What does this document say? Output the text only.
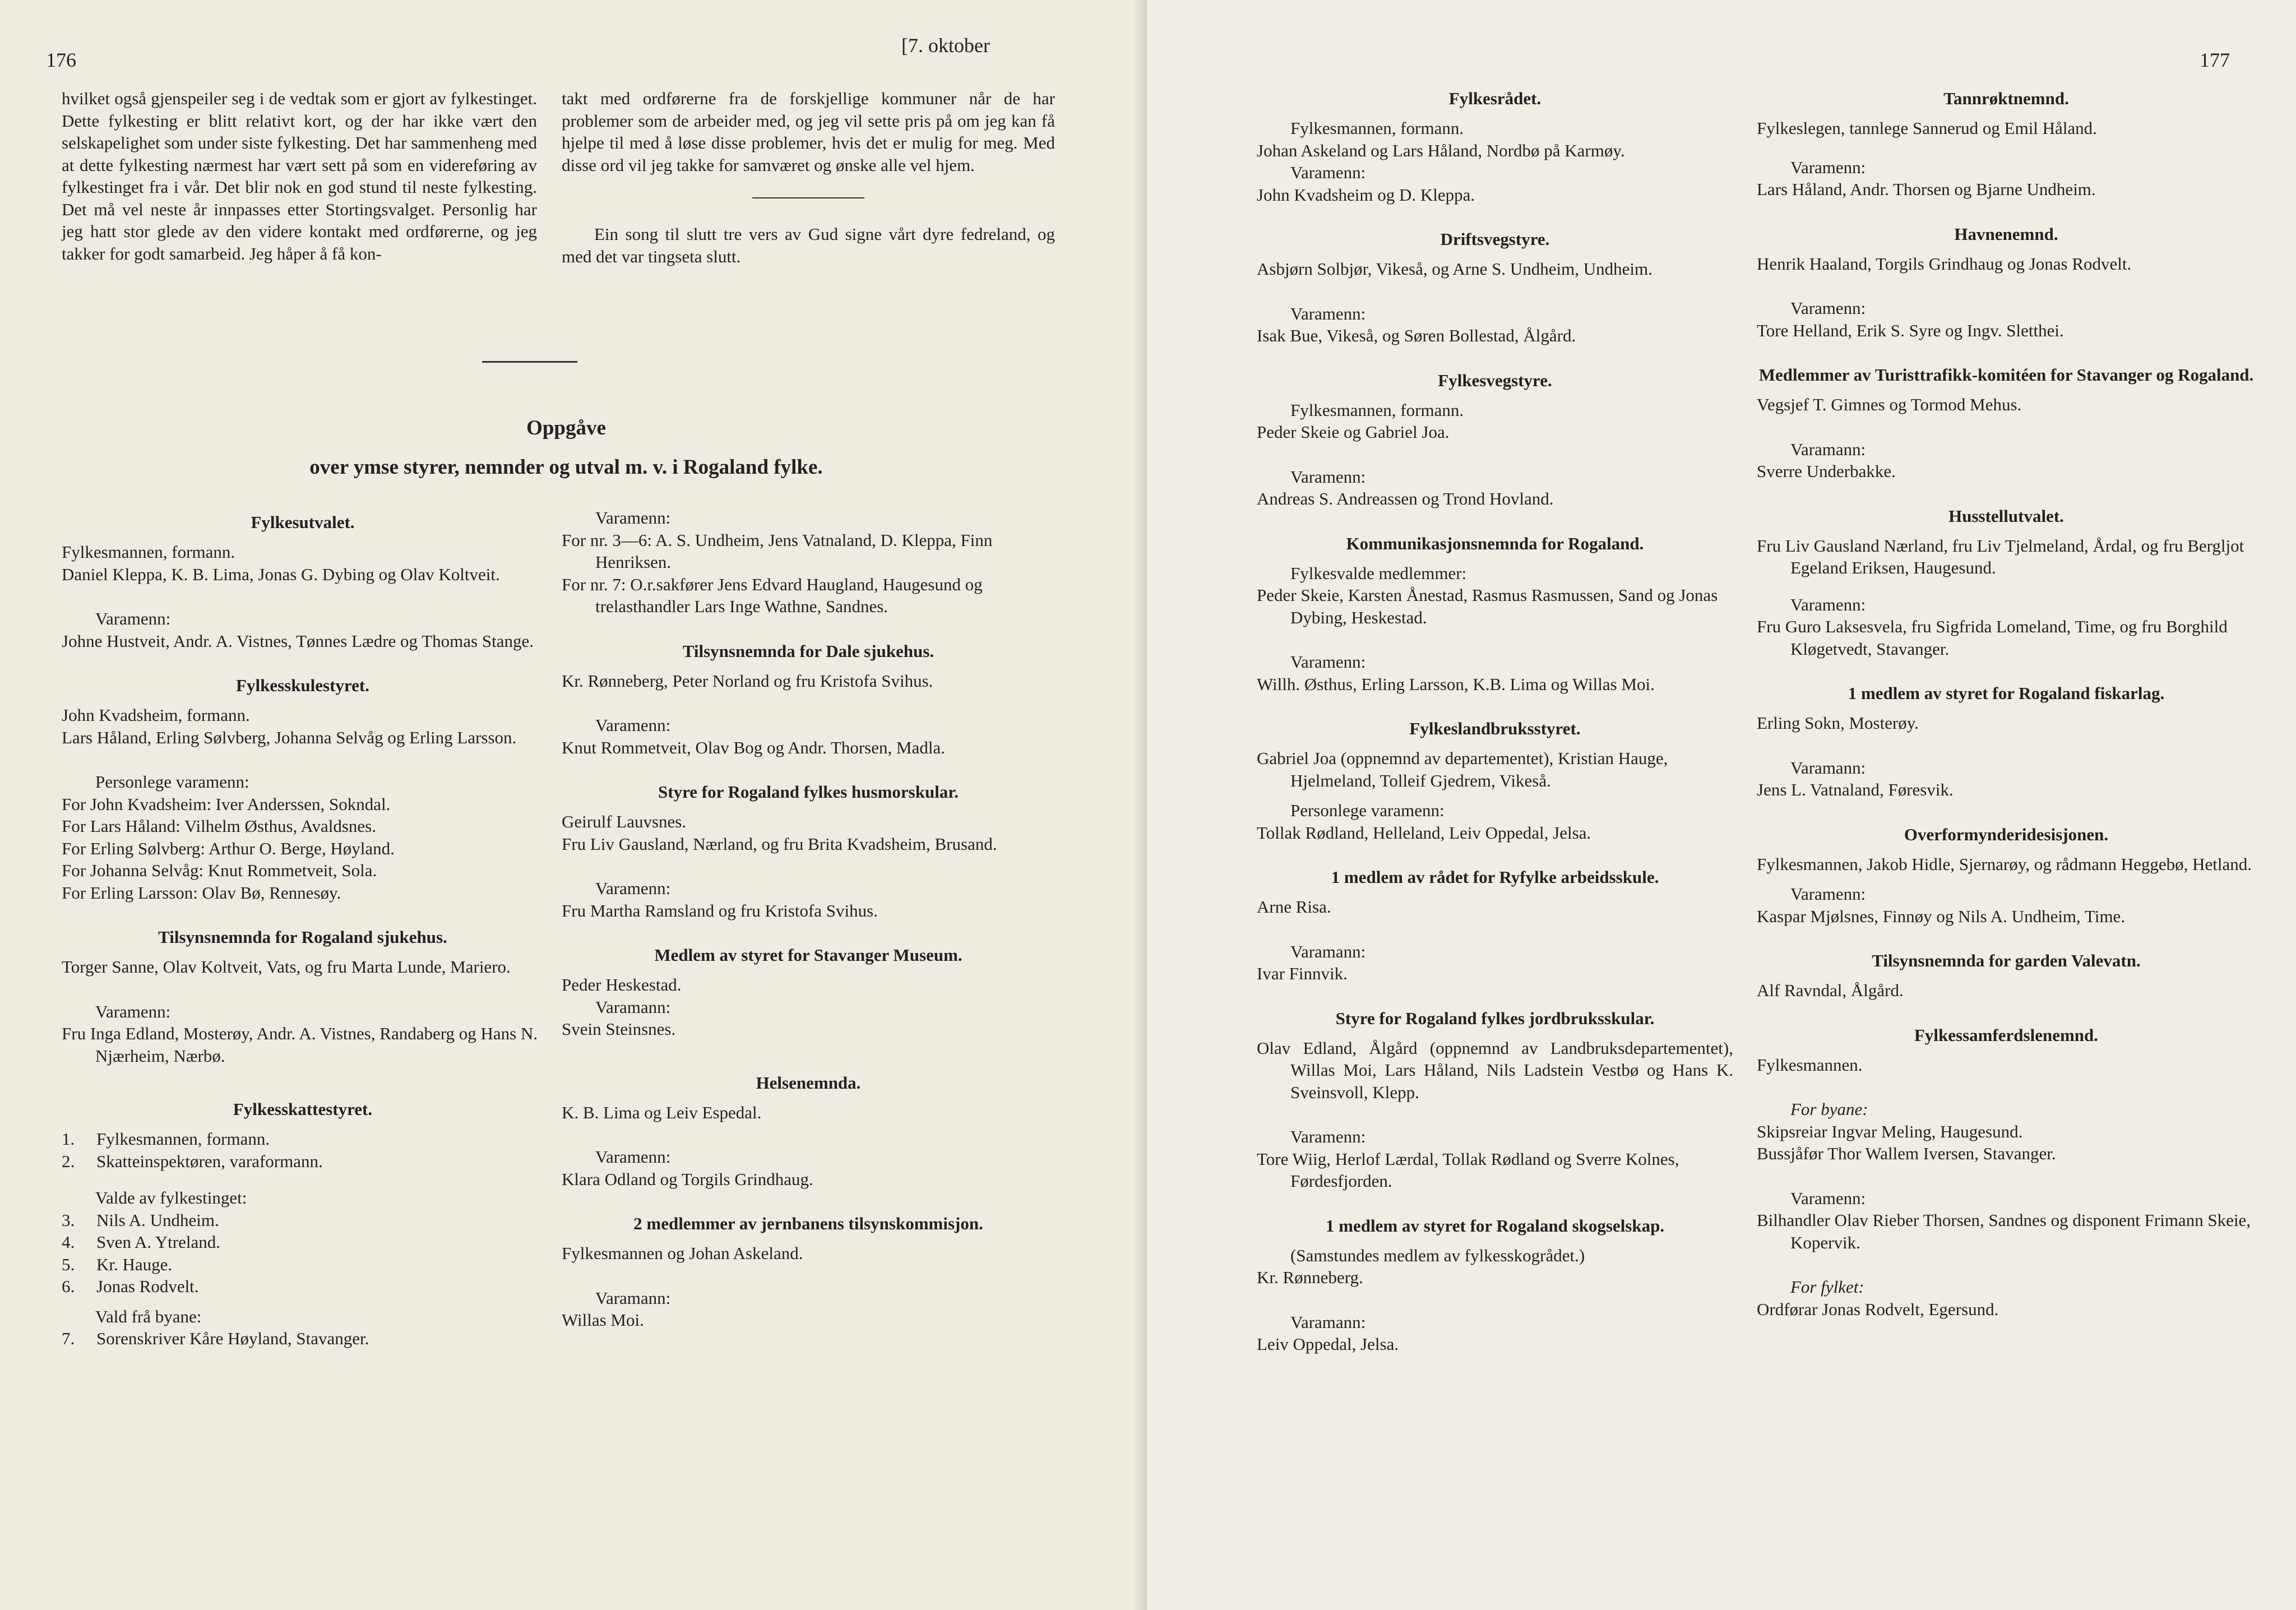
176
[7. oktober

hvilket også gjenspeiler seg i de vedtak som er gjort av fylkestinget. Dette fylkesting er blitt relativt kort, og der har ikke vært den selskapelighet som under siste fylkesting. Det har sammenheng med at dette fylkesting nærmest har vært sett på som en videreføring av fylkestinget fra i vår. Det blir nok en god stund til neste fylkesting. Det må vel neste år innpasses etter Stortingsvalget. Personlig har jeg hatt stor glede av den videre kontakt med ordførerne, og jeg takker for godt samarbeid. Jeg håper å få kon-

takt med ordførerne fra de forskjellige kommuner når de har problemer som de arbeider med, og jeg vil sette pris på om jeg kan få hjelpe til med å løse disse problemer, hvis det er mulig for meg. Med disse ord vil jeg takke for samværet og ønske alle vel hjem.

Ein song til slutt tre vers av Gud signe vårt dyre fedreland, og med det var tingseta slutt.

Oppgåve
over ymse styrer, nemnder og utval m. v. i Rogaland fylke.
Fylkesutvalet.

Fylkesmannen, formann.

Daniel Kleppa, K. B. Lima, Jonas G. Dybing og Olav Koltveit.

Varamenn:

Johne Hustveit, Andr. A. Vistnes, Tønnes Lædre og Thomas Stange.

Fylkesskulestyret.

John Kvadsheim, formann.

Lars Håland, Erling Sølvberg, Johanna Selvåg og Erling Larsson.

Personlege varamenn:

For John Kvadsheim: Iver Anderssen, Sokndal.

For Lars Håland: Vilhelm Østhus, Avaldsnes.

For Erling Sølvberg: Arthur O. Berge, Høyland.

For Johanna Selvåg: Knut Rommetveit, Sola.

For Erling Larsson: Olav Bø, Rennesøy.

Tilsynsnemnda for Rogaland sjukehus.

Torger Sanne, Olav Koltveit, Vats, og fru Marta Lunde, Mariero.

Varamenn:

Fru Inga Edland, Mosterøy, Andr. A. Vistnes, Randaberg og Hans N. Njærheim, Nærbø.

Fylkesskattestyret.
1.	Fylkesmannen, formann.
2.	Skatteinspektøren, varaformann.

Valde av fylkestinget:

3.	Nils A. Undheim.
4.	Sven A. Ytreland.
5.	Kr. Hauge.
6.	Jonas Rodvelt.

Vald frå byane:

7.	Sorenskriver Kåre Høyland, Stavanger.

Varamenn:

For nr. 3—6: A. S. Undheim, Jens Vatnaland, D. Kleppa, Finn Henriksen.

For nr. 7: O.r.sakfører Jens Edvard Haugland, Haugesund og trelasthandler Lars Inge Wathne, Sandnes.

Tilsynsnemnda for Dale sjukehus.

Kr. Rønneberg, Peter Norland og fru Kristofa Svihus.

Varamenn:

Knut Rommetveit, Olav Bog og Andr. Thorsen, Madla.

Styre for Rogaland fylkes husmorskular.

Geirulf Lauvsnes.

Fru Liv Gausland, Nærland, og fru Brita Kvadsheim, Brusand.

Varamenn:

Fru Martha Ramsland og fru Kristofa Svihus.

Medlem av styret for Stavanger Museum.

Peder Heskestad.

Varamann:

Svein Steinsnes.

Helsenemnda.

K. B. Lima og Leiv Espedal.

Varamenn:

Klara Odland og Torgils Grindhaug.

2 medlemmer av jernbanens tilsynskommisjon.

Fylkesmannen og Johan Askeland.

Varamann:

Willas Moi.

177
Fylkesrådet.

Fylkesmannen, formann.

Johan Askeland og Lars Håland, Nordbø på Karmøy.

Varamenn:

John Kvadsheim og D. Kleppa.

Driftsvegstyre.

Asbjørn Solbjør, Vikeså, og Arne S. Undheim, Undheim.

Varamenn:

Isak Bue, Vikeså, og Søren Bollestad, Ålgård.

Fylkesvegstyre.

Fylkesmannen, formann.

Peder Skeie og Gabriel Joa.

Varamenn:

Andreas S. Andreassen og Trond Hovland.

Kommunikasjonsnemnda for Rogaland.

Fylkesvalde medlemmer:

Peder Skeie, Karsten Ånestad, Rasmus Rasmussen, Sand og Jonas Dybing, Heskestad.

Varamenn:

Willh. Østhus, Erling Larsson, K.B. Lima og Willas Moi.

Fylkeslandbruksstyret.

Gabriel Joa (oppnemnd av departementet), Kristian Hauge, Hjelmeland, Tolleif Gjedrem, Vikeså.

Personlege varamenn:

Tollak Rødland, Helleland, Leiv Oppedal, Jelsa.

1 medlem av rådet for Ryfylke arbeidsskule.

Arne Risa.

Varamann:

Ivar Finnvik.

Styre for Rogaland fylkes jordbruksskular.

Olav Edland, Ålgård (oppnemnd av Landbruksdepartementet), Willas Moi, Lars Håland, Nils Ladstein Vestbø og Hans K. Sveinsvoll, Klepp.

Varamenn:

Tore Wiig, Herlof Lærdal, Tollak Rødland og Sverre Kolnes, Førdesfjorden.

1 medlem av styret for Rogaland skogselskap.

(Samstundes medlem av fylkesskogrådet.)

Kr. Rønneberg.

Varamann:

Leiv Oppedal, Jelsa.

Tannrøktnemnd.

Fylkeslegen, tannlege Sannerud og Emil Håland.

Varamenn:

Lars Håland, Andr. Thorsen og Bjarne Undheim.

Havnenemnd.

Henrik Haaland, Torgils Grindhaug og Jonas Rodvelt.

Varamenn:

Tore Helland, Erik S. Syre og Ingv. Sletthei.

Medlemmer av Turisttrafikk-komitéen for Stavanger og Rogaland.

Vegsjef T. Gimnes og Tormod Mehus.

Varamann:

Sverre Underbakke.

Husstellutvalet.

Fru Liv Gausland Nærland, fru Liv Tjelmeland, Årdal, og fru Bergljot Egeland Eriksen, Haugesund.

Varamenn:

Fru Guro Laksesvela, fru Sigfrida Lomeland, Time, og fru Borghild Kløgetvedt, Stavanger.

1 medlem av styret for Rogaland fiskarlag.

Erling Sokn, Mosterøy.

Varamann:

Jens L. Vatnaland, Føresvik.

Overformynderidesisjonen.

Fylkesmannen, Jakob Hidle, Sjernarøy, og rådmann Heggebø, Hetland.

Varamenn:

Kaspar Mjølsnes, Finnøy og Nils A. Undheim, Time.

Tilsynsnemnda for garden Valevatn.

Alf Ravndal, Ålgård.

Fylkessamferdslenemnd.

Fylkesmannen.

For byane:

Skipsreiar Ingvar Meling, Haugesund.

Bussjåfør Thor Wallem Iversen, Stavanger.

Varamenn:

Bilhandler Olav Rieber Thorsen, Sandnes og disponent Frimann Skeie, Kopervik.

For fylket:

Ordførar Jonas Rodvelt, Egersund.
